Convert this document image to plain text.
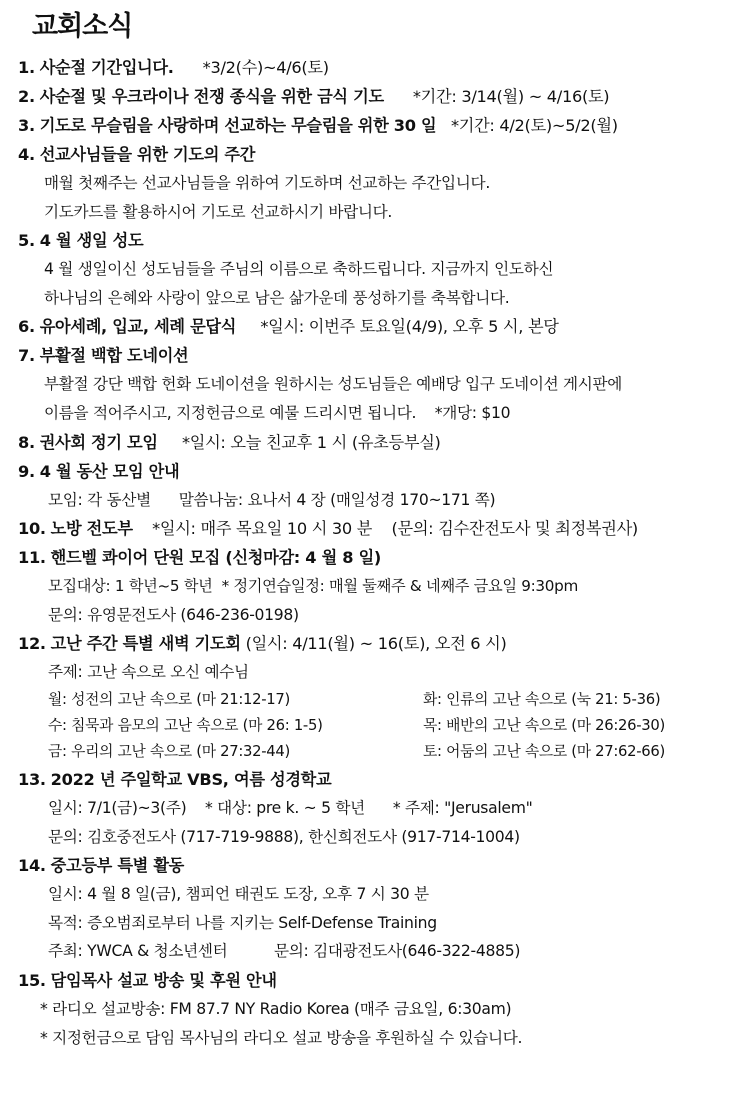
교회소식
1. 사순절 기간입니다. *3/2(수)~4/6(토)
2. 사순절 및 우크라이나 전쟁 종식을 위한 금식 기도 *기간: 3/14(월) ~ 4/16(토)
3. 기도로 무슬림을 사랑하며 선교하는 무슬림을 위한 30 일 *기간: 4/2(토)~5/2(월)
4. 선교사님들을 위한 기도의 주간
매월 첫째주는 선교사님들을 위하여 기도하며 선교하는 주간입니다.
기도카드를 활용하시어 기도로 선교하시기 바랍니다.
5. 4 월 생일 성도
4 월 생일이신 성도님들을 주님의 이름으로 축하드립니다. 지금까지 인도하신
하나님의 은혜와 사랑이 앞으로 남은 삶가운데 풍성하기를 축복합니다.
6. 유아세례, 입교, 세례 문답식 *일시: 이번주 토요일(4/9), 오후 5 시, 본당
7. 부활절 백합 도네이션
부활절 강단 백합 헌화 도네이션을 원하시는 성도님들은 예배당 입구 도네이션 게시판에
이름을 적어주시고, 지정헌금으로 예물 드리시면 됩니다.    *개당: $10
8. 권사회 정기 모임 *일시: 오늘 친교후 1 시 (유초등부실)
9. 4 월 동산 모임 안내
모임: 각 동산별      말씀나눔: 요나서 4 장 (매일성경 170~171 쪽)
10. 노방 전도부 *일시: 매주 목요일 10 시 30 분    (문의: 김수잔전도사 및 최정복권사)
11. 핸드벨 콰이어 단원 모집 (신청마감: 4 월 8 일)
모집대상: 1 학년~5 학년  * 정기연습일정: 매월 둘째주 & 네째주 금요일 9:30pm
문의: 유영문전도사 (646-236-0198)
12. 고난 주간 특별 새벽 기도회 (일시: 4/11(월) ~ 16(토), 오전 6 시)
주제: 고난 속으로 오신 예수님
월: 성전의 고난 속으로 (마 21:12-17)	화: 인류의 고난 속으로 (눅 21: 5-36)
수: 침묵과 음모의 고난 속으로 (마 26: 1-5)	목: 배반의 고난 속으로 (마 26:26-30)
금: 우리의 고난 속으로 (마 27:32-44)	토: 어둠의 고난 속으로 (마 27:62-66)
13. 2022 년 주일학교 VBS, 여름 성경학교
일시: 7/1(금)~3(주)    * 대상: pre k. ~ 5 학년      * 주제: "Jerusalem"
문의: 김호중전도사 (717-719-9888), 한신희전도사 (917-714-1004)
14. 중고등부 특별 활동
일시: 4 월 8 일(금), 챔피언 태권도 도장, 오후 7 시 30 분
목적: 증오범죄로부터 나를 지키는 Self-Defense Training
주최: YWCA & 청소년센터          문의: 김대광전도사(646-322-4885)
15. 담임목사 설교 방송 및 후원 안내
* 라디오 설교방송: FM 87.7 NY Radio Korea (매주 금요일, 6:30am)
* 지정헌금으로 담임 목사님의 라디오 설교 방송을 후원하실 수 있습니다.
